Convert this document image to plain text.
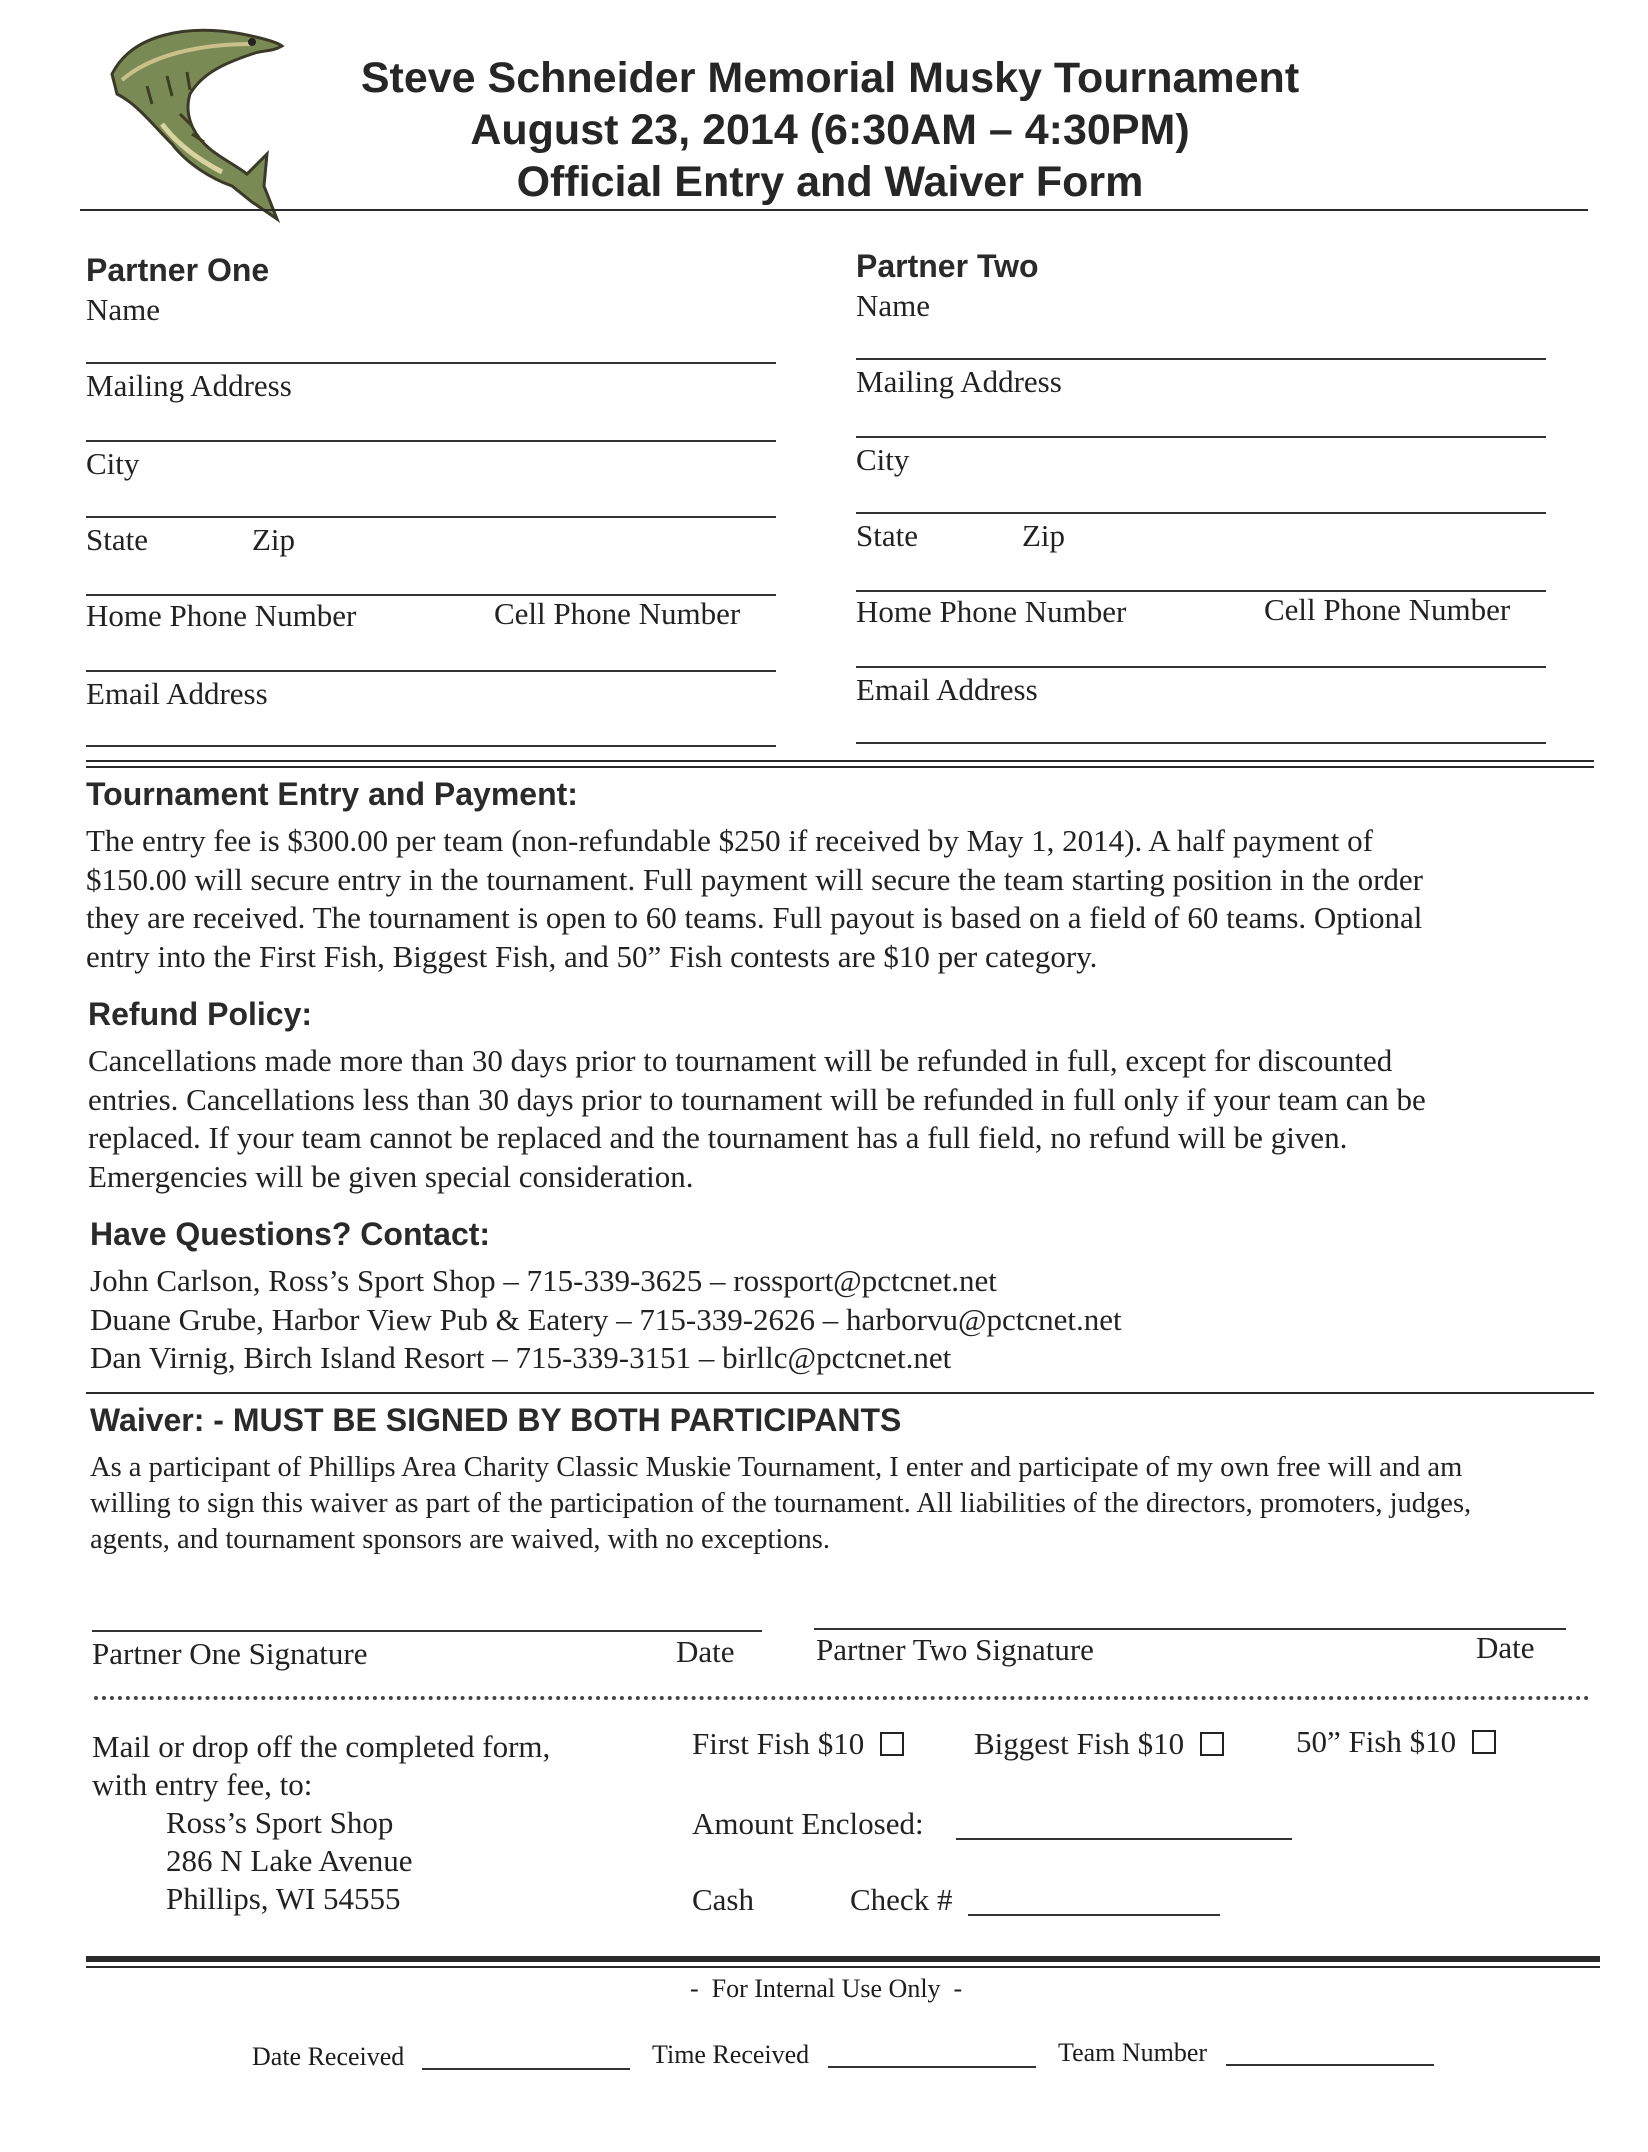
Steve Schneider Memorial Musky Tournament
August 23, 2014 (6:30AM – 4:30PM)
Official Entry and Waiver Form
Partner One
Name
Mailing Address
City
State	Zip
Home Phone Number	Cell Phone Number
Email Address
Partner Two
Name
Mailing Address
City
State	Zip
Home Phone Number	Cell Phone Number
Email Address
Tournament Entry and Payment:
The entry fee is $300.00 per team (non-refundable $250 if received by May 1, 2014). A half payment of
$150.00 will secure entry in the tournament. Full payment will secure the team starting position in the order
they are received. The tournament is open to 60 teams. Full payout is based on a field of 60 teams. Optional
entry into the First Fish, Biggest Fish, and 50” Fish contests are $10 per category.
Refund Policy:
Cancellations made more than 30 days prior to tournament will be refunded in full, except for discounted
entries. Cancellations less than 30 days prior to tournament will be refunded in full only if your team can be
replaced. If your team cannot be replaced and the tournament has a full field, no refund will be given.
Emergencies will be given special consideration.
Have Questions? Contact:
John Carlson, Ross’s Sport Shop – 715-339-3625 – rossport@pctcnet.net
Duane Grube, Harbor View Pub & Eatery – 715-339-2626 – harborvu@pctcnet.net
Dan Virnig, Birch Island Resort – 715-339-3151 – birllc@pctcnet.net
Waiver: - MUST BE SIGNED BY BOTH PARTICIPANTS
As a participant of Phillips Area Charity Classic Muskie Tournament, I enter and participate of my own free will and am
willing to sign this waiver as part of the participation of the tournament. All liabilities of the directors, promoters, judges,
agents, and tournament sponsors are waived, with no exceptions.
Partner One Signature	Date	Partner Two Signature	Date
Mail or drop off the completed form,
with entry fee, to:
Ross’s Sport Shop
286 N Lake Avenue
Phillips, WI 54555
First Fish $10	Biggest Fish $10	50” Fish $10
Amount Enclosed:
Cash	Check #
-  For Internal Use Only  -
Date Received	Time Received	Team Number
